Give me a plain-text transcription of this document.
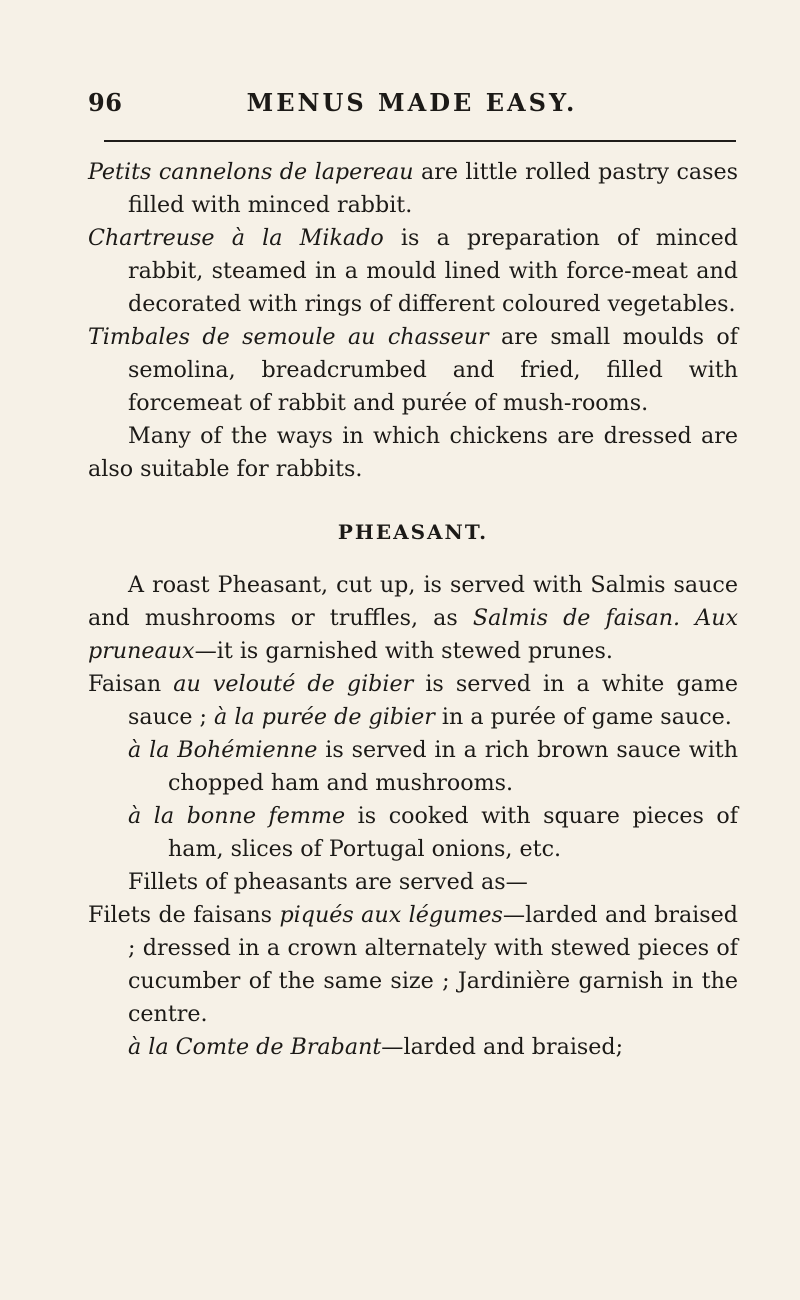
96	MENUS MADE EASY.

Petits cannelons de lapereau are little rolled pastry cases filled with minced rabbit.

Chartreuse à la Mikado is a preparation of minced rabbit, steamed in a mould lined with force-meat and decorated with rings of different coloured vegetables.

Timbales de semoule au chasseur are small moulds of semolina, breadcrumbed and fried, filled with forcemeat of rabbit and purée of mush-rooms.

Many of the ways in which chickens are dressed are also suitable for rabbits.

PHEASANT.

A roast Pheasant, cut up, is served with Salmis sauce and mushrooms or truffles, as Salmis de faisan. Aux pruneaux—it is garnished with stewed prunes.

Faisan au velouté de gibier is served in a white game sauce ; à la purée de gibier in a purée of game sauce.

à la Bohémienne is served in a rich brown sauce with chopped ham and mushrooms.

à la bonne femme is cooked with square pieces of ham, slices of Portugal onions, etc.

Fillets of pheasants are served as—

Filets de faisans piqués aux légumes—larded and braised ; dressed in a crown alternately with stewed pieces of cucumber of the same size ; Jardinière garnish in the centre.

à la Comte de Brabant—larded and braised;
